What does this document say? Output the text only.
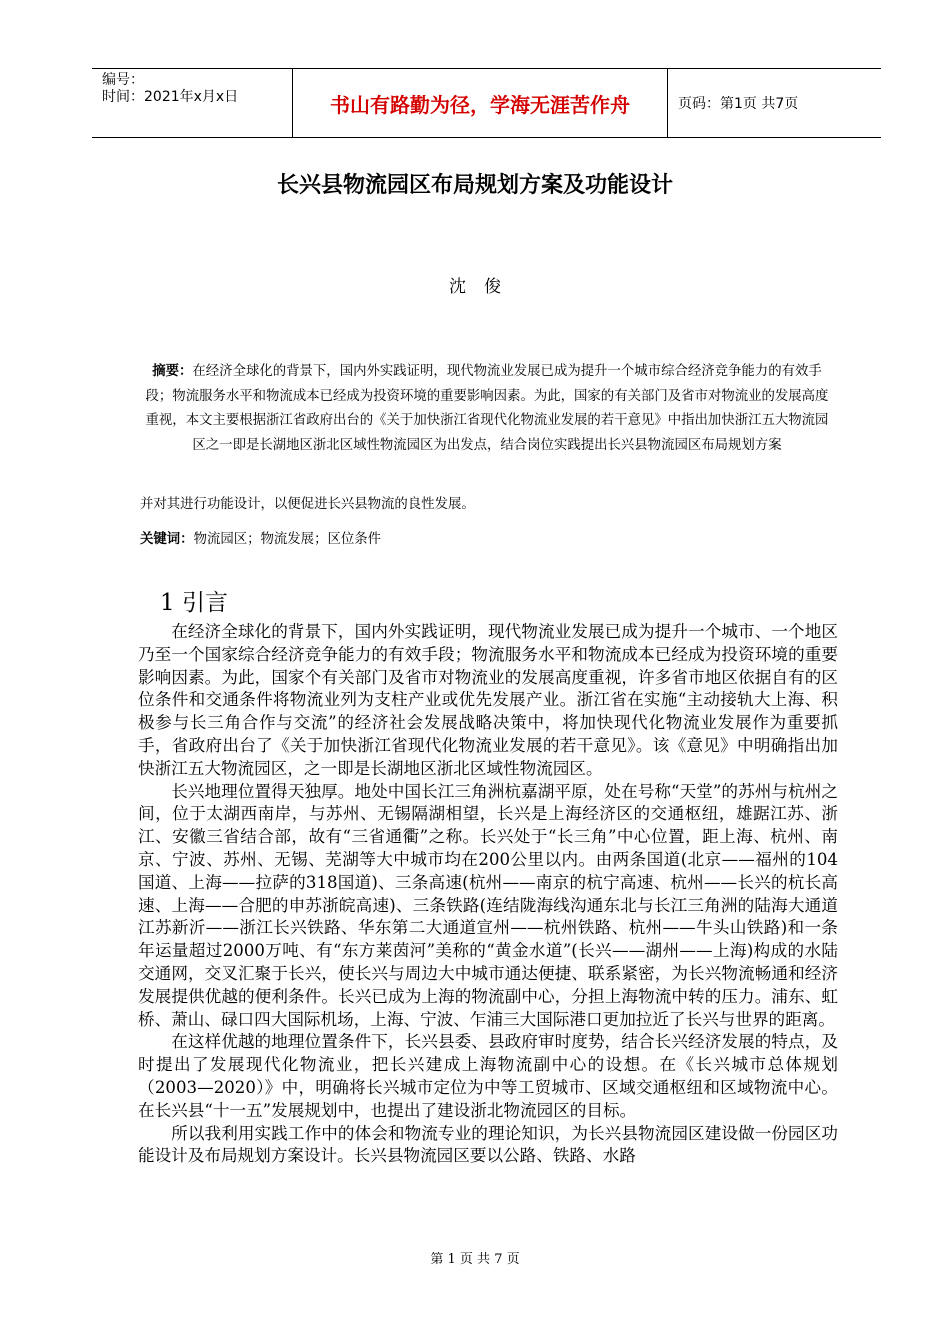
编号：
时间：2021年x月x日	书山有路勤为径，学海无涯苦作舟	页码：第1页 共7页
长兴县物流园区布局规划方案及功能设计
沈俊
摘要：在经济全球化的背景下，国内外实践证明，现代物流业发展已成为提升一个城市综合经济竞争能力的有效手段；物流服务水平和物流成本已经成为投资环境的重要影响因素。为此，国家的有关部门及省市对物流业的发展高度重视，本文主要根据浙江省政府出台的《关于加快浙江省现代化物流业发展的若干意见》中指出加快浙江五大物流园区之一即是长湖地区浙北区域性物流园区为出发点，结合岗位实践提出长兴县物流园区布局规划方案
并对其进行功能设计，以便促进长兴县物流的良性发展。
关键词：物流园区；物流发展；区位条件
1 引言

在经济全球化的背景下，国内外实践证明，现代物流业发展已成为提升一个城市、一个地区乃至一个国家综合经济竞争能力的有效手段；物流服务水平和物流成本已经成为投资环境的重要影响因素。为此，国家个有关部门及省市对物流业的发展高度重视，许多省市地区依据自有的区位条件和交通条件将物流业列为支柱产业或优先发展产业。浙江省在实施“主动接轨大上海、积极参与长三角合作与交流”的经济社会发展战略决策中，将加快现代化物流业发展作为重要抓手，省政府出台了《关于加快浙江省现代化物流业发展的若干意见》。该《意见》中明确指出加快浙江五大物流园区，之一即是长湖地区浙北区域性物流园区。

长兴地理位置得天独厚。地处中国长江三角洲杭嘉湖平原，处在号称“天堂”的苏州与杭州之间，位于太湖西南岸，与苏州、无锡隔湖相望，长兴是上海经济区的交通枢纽，雄踞江苏、浙江、安徽三省结合部，故有“三省通衢”之称。长兴处于“长三角”中心位置，距上海、杭州、南京、宁波、苏州、无锡、芜湖等大中城市均在200公里以内。由两条国道(北京——福州的104国道、上海——拉萨的318国道)、三条高速(杭州——南京的杭宁高速、杭州——长兴的杭长高速、上海——合肥的申苏浙皖高速)、三条铁路(连结陇海线沟通东北与长江三角洲的陆海大通道江苏新沂——浙江长兴铁路、华东第二大通道宣州——杭州铁路、杭州——牛头山铁路)和一条年运量超过2000万吨、有“东方莱茵河”美称的“黄金水道”(长兴——湖州——上海)构成的水陆交通网，交叉汇聚于长兴，使长兴与周边大中城市通达便捷、联系紧密，为长兴物流畅通和经济发展提供优越的便利条件。长兴已成为上海的物流副中心，分担上海物流中转的压力。浦东、虹桥、萧山、碌口四大国际机场，上海、宁波、乍浦三大国际港口更加拉近了长兴与世界的距离。

在这样优越的地理位置条件下，长兴县委、县政府审时度势，结合长兴经济发展的特点，及时提出了发展现代化物流业，把长兴建成上海物流副中心的设想。在《长兴城市总体规划（2003—2020）》中，明确将长兴城市定位为中等工贸城市、区域交通枢纽和区域物流中心。在长兴县“十一五”发展规划中，也提出了建设浙北物流园区的目标。

所以我利用实践工作中的体会和物流专业的理论知识，为长兴县物流园区建设做一份园区功能设计及布局规划方案设计。长兴县物流园区要以公路、铁路、水路

第 1 页 共 7 页
